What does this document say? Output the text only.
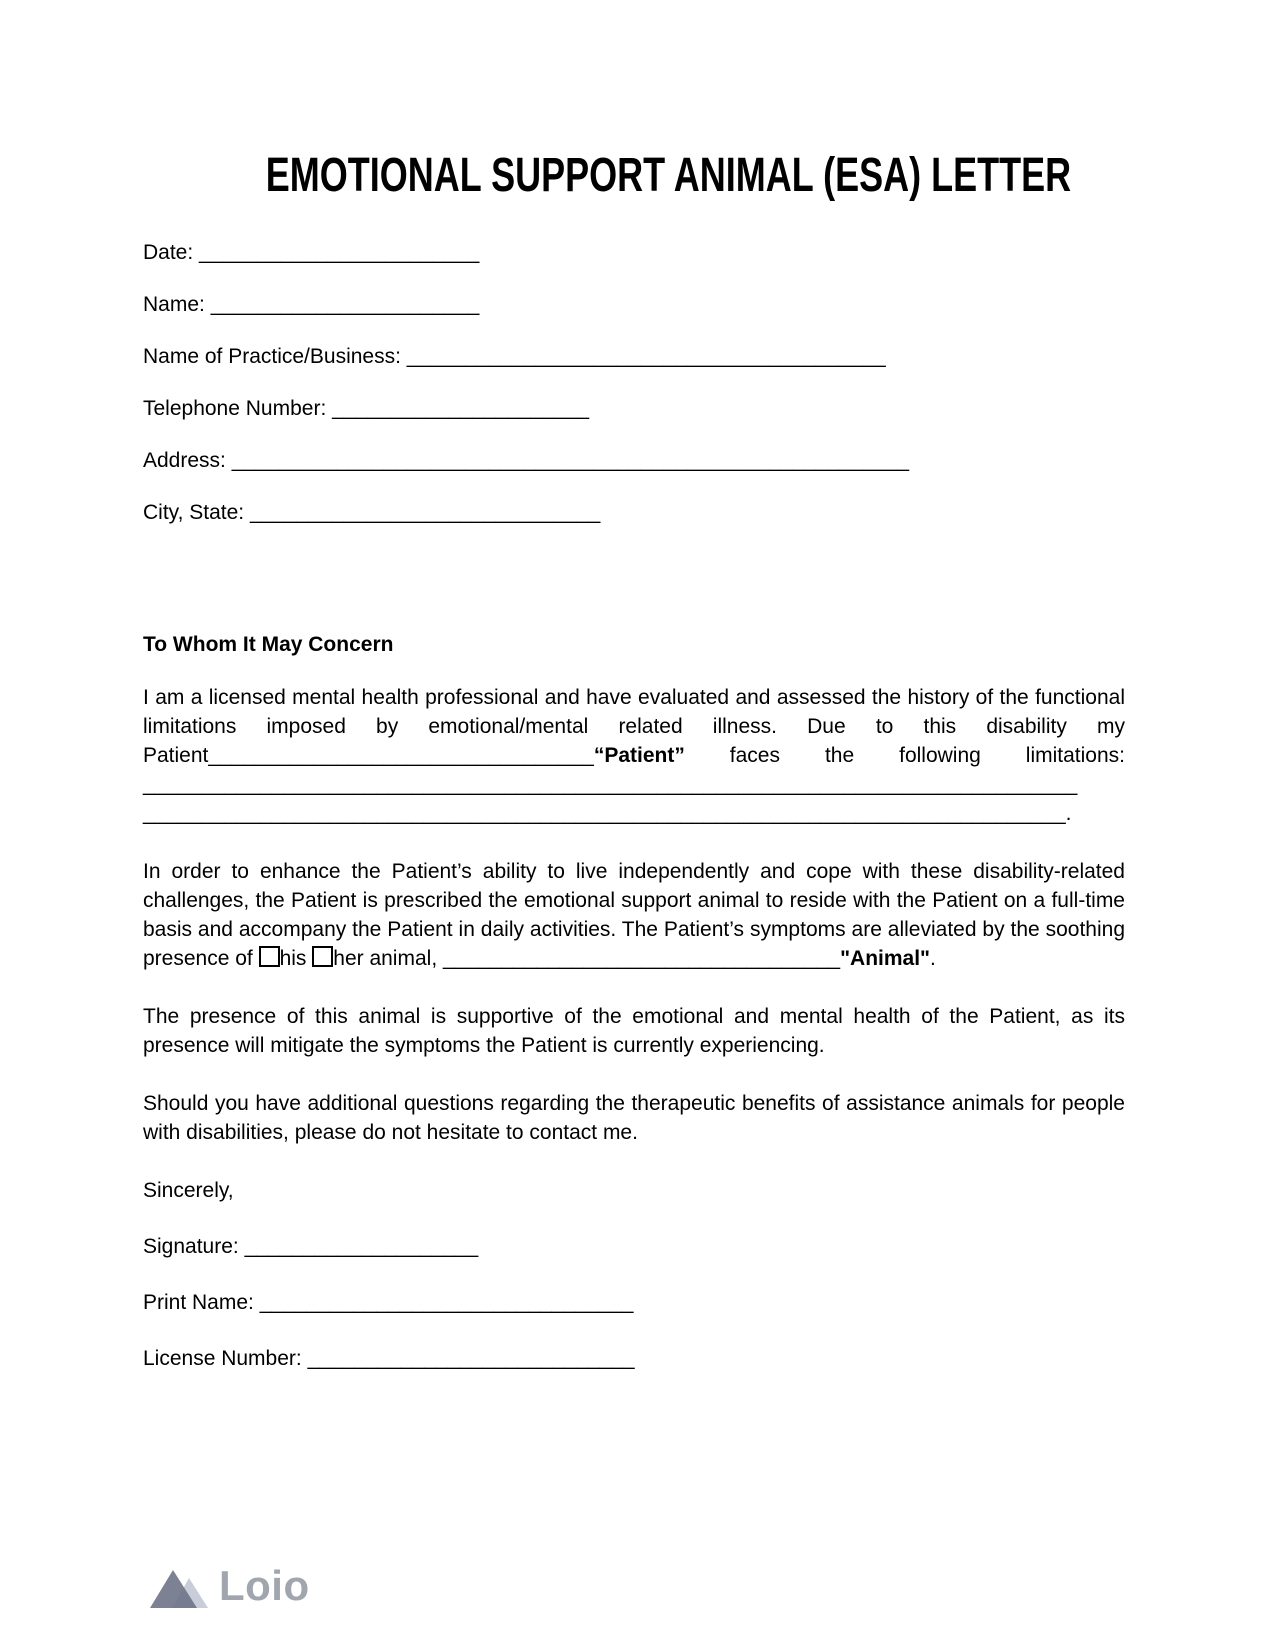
EMOTIONAL SUPPORT ANIMAL (ESA) LETTER
Date: ________________________
Name: _______________________
Name of Practice/Business: _________________________________________
Telephone Number: ______________________
Address: __________________________________________________________
City, State: ______________________________

To Whom It May Concern

I am a licensed mental health professional and have evaluated and assessed the history of the functional limitations imposed by emotional/mental related illness. Due to this disability my Patient_________________________________“Patient” faces the following limitations: ________________________________________________________________________________ _______________________________________________________________________________.

In order to enhance the Patient’s ability to live independently and cope with these disability-related challenges, the Patient is prescribed the emotional support animal to reside with the Patient on a full-time basis and accompany the Patient in daily activities. The Patient’s symptoms are alleviated by the soothing presence of his her animal, __________________________________"Animal".

The presence of this animal is supportive of the emotional and mental health of the Patient, as its presence will mitigate the symptoms the Patient is currently experiencing.

Should you have additional questions regarding the therapeutic benefits of assistance animals for people with disabilities, please do not hesitate to contact me.

Sincerely,
Signature: ____________________
Print Name: ________________________________
License Number: ____________________________
Loio
